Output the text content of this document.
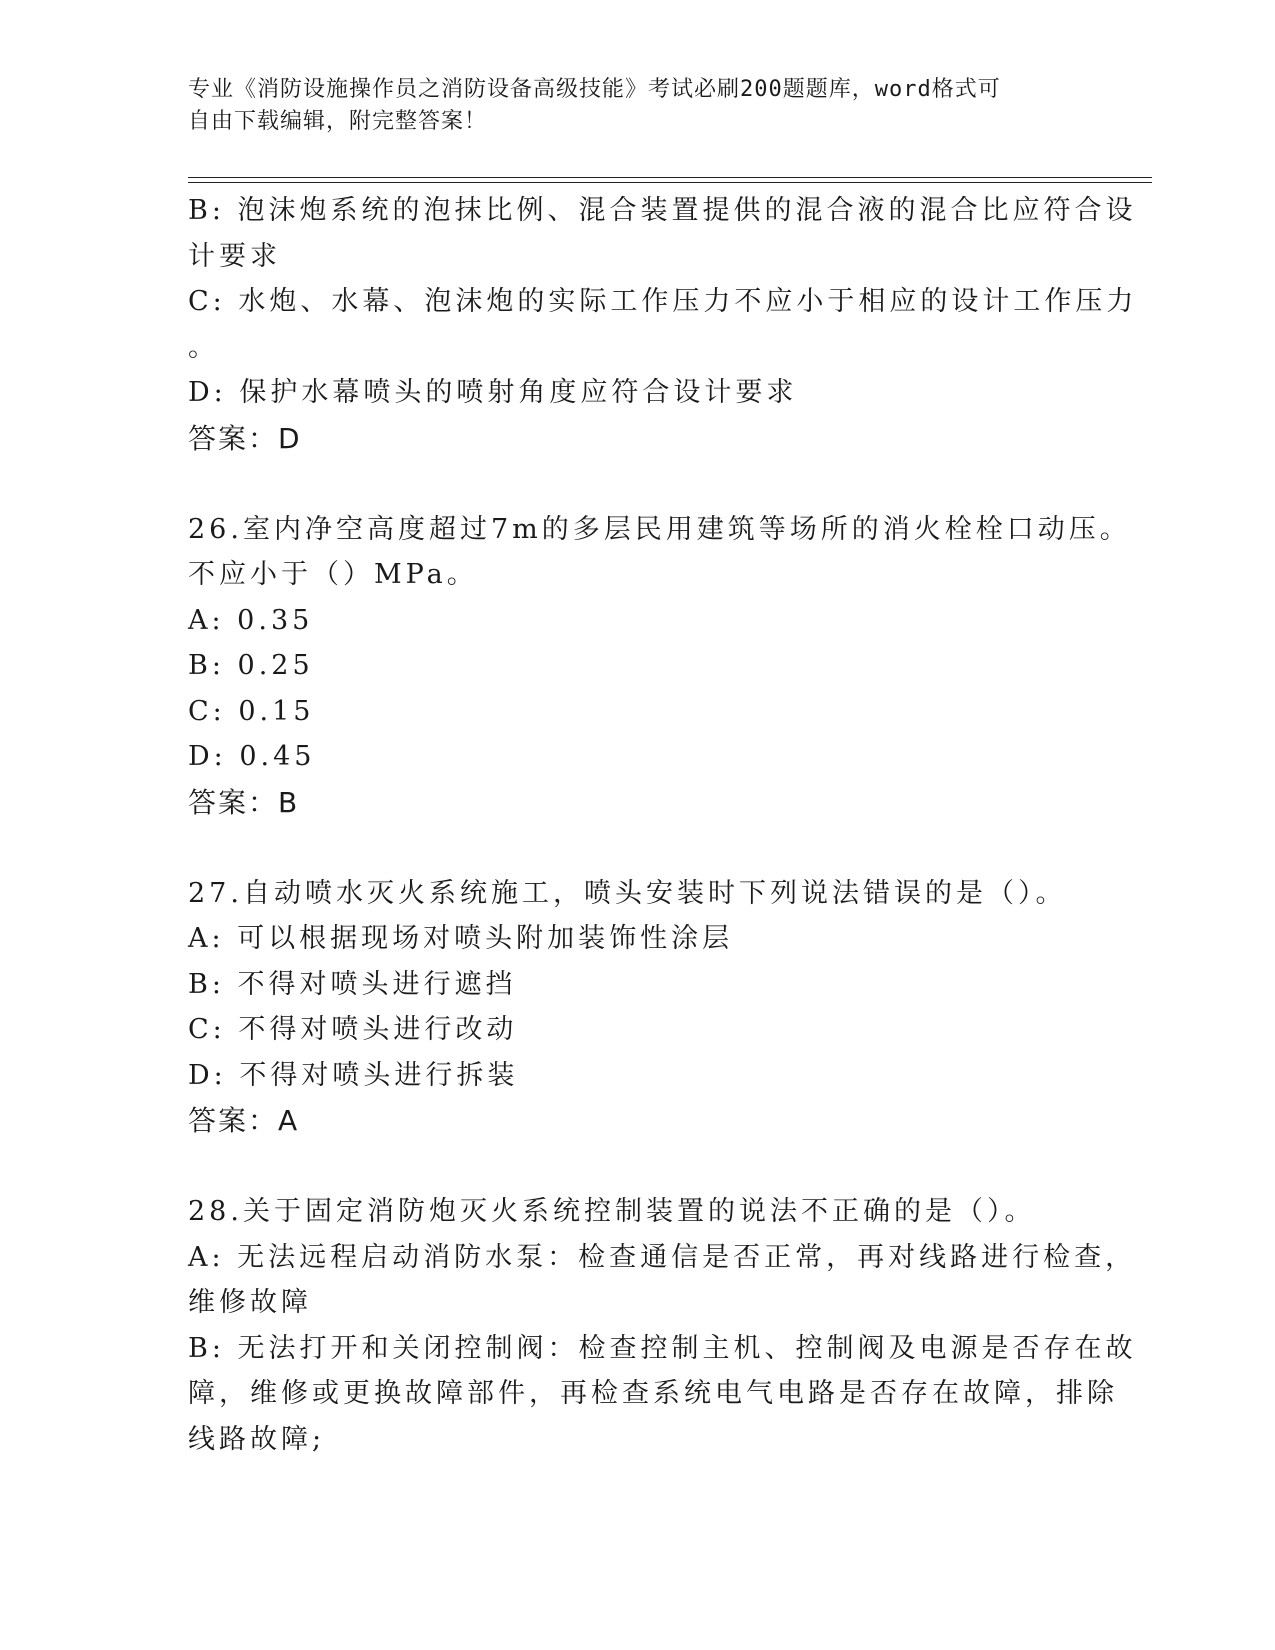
专业《消防设施操作员之消防设备高级技能》考试必刷200题题库，word格式可
自由下载编辑，附完整答案！
B: 泡沫炮系统的泡抹比例、混合装置提供的混合液的混合比应符合设
计要求
C: 水炮、水幕、泡沫炮的实际工作压力不应小于相应的设计工作压力
。
D: 保护水幕喷头的喷射角度应符合设计要求
答案：D
26.室内净空高度超过7m的多层民用建筑等场所的消火栓栓口动压。
不应小于（）MPa。
A: 0.35
B: 0.25
C: 0.15
D: 0.45
答案：B
27.自动喷水灭火系统施工，喷头安装时下列说法错误的是（）。
A: 可以根据现场对喷头附加装饰性涂层
B: 不得对喷头进行遮挡
C: 不得对喷头进行改动
D: 不得对喷头进行拆装
答案：A
28.关于固定消防炮灭火系统控制装置的说法不正确的是（）。
A: 无法远程启动消防水泵：检查通信是否正常，再对线路进行检查，
维修故障
B: 无法打开和关闭控制阀：检查控制主机、控制阀及电源是否存在故
障，维修或更换故障部件，再检查系统电气电路是否存在故障，排除
线路故障;
